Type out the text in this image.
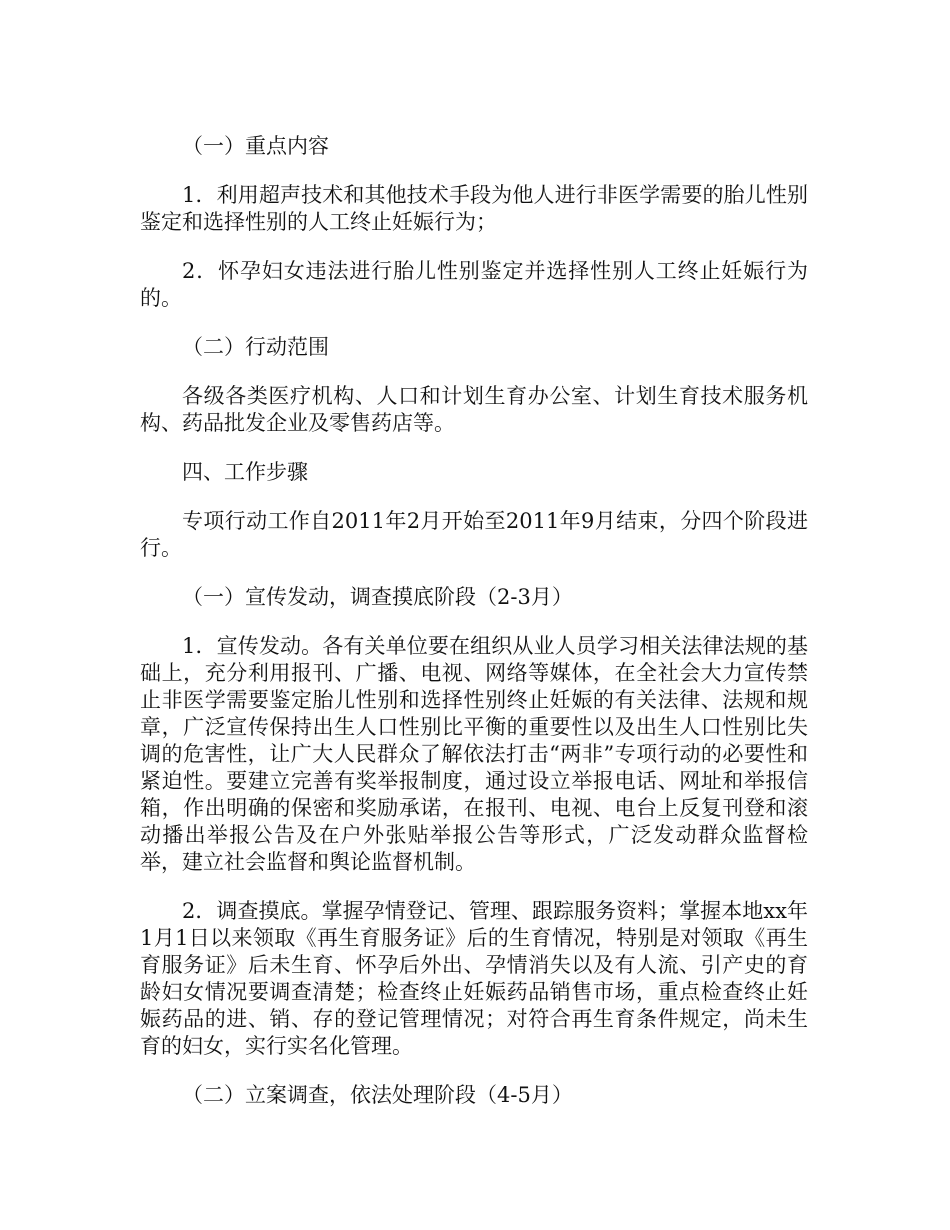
（一）重点内容

1．利用超声技术和其他技术手段为他人进行非医学需要的胎儿性别鉴定和选择性别的人工终止妊娠行为；

2．怀孕妇女违法进行胎儿性别鉴定并选择性别人工终止妊娠行为的。

（二）行动范围

各级各类医疗机构、人口和计划生育办公室、计划生育技术服务机构、药品批发企业及零售药店等。

四、工作步骤

专项行动工作自2011年2月开始至2011年9月结束，分四个阶段进行。

（一）宣传发动，调查摸底阶段（2-3月）

1．宣传发动。各有关单位要在组织从业人员学习相关法律法规的基础上，充分利用报刊、广播、电视、网络等媒体，在全社会大力宣传禁止非医学需要鉴定胎儿性别和选择性别终止妊娠的有关法律、法规和规章，广泛宣传保持出生人口性别比平衡的重要性以及出生人口性别比失调的危害性，让广大人民群众了解依法打击“两非”专项行动的必要性和紧迫性。要建立完善有奖举报制度，通过设立举报电话、网址和举报信箱，作出明确的保密和奖励承诺，在报刊、电视、电台上反复刊登和滚动播出举报公告及在户外张贴举报公告等形式，广泛发动群众监督检举，建立社会监督和舆论监督机制。

2．调查摸底。掌握孕情登记、管理、跟踪服务资料；掌握本地xx年1月1日以来领取《再生育服务证》后的生育情况，特别是对领取《再生育服务证》后未生育、怀孕后外出、孕情消失以及有人流、引产史的育龄妇女情况要调查清楚；检查终止妊娠药品销售市场，重点检查终止妊娠药品的进、销、存的登记管理情况；对符合再生育条件规定，尚未生育的妇女，实行实名化管理。

（二）立案调查，依法处理阶段（4-5月）
